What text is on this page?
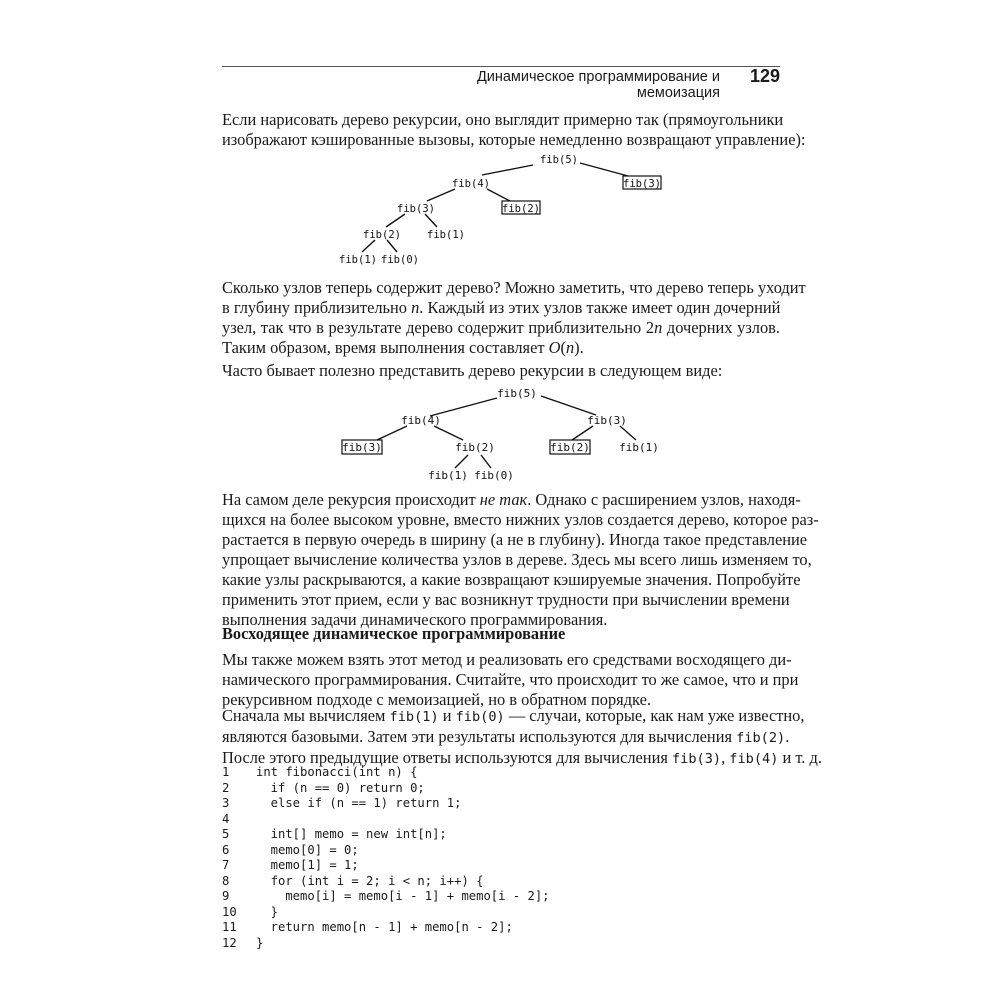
Динамическое программирование и мемоизация
129
Если нарисовать дерево рекурсии, оно выглядит примерно так (прямоугольники
изображают кэшированные вызовы, которые немедленно возвращают управление):
fib(5)
fib(4)	fib(3)
fib(3)	fib(2)
fib(2) fib(1)
fib(1) fib(0)
fib(5)
fib(4)	fib(3)
fib(3)	fib(2)	fib(2)	fib(1)
fib(1) fib(0)
Сколько узлов теперь содержит дерево? Можно заметить, что дерево теперь уходит
в глубину приблизительно n. Каждый из этих узлов также имеет один дочерний
узел, так что в результате дерево содержит приблизительно 2n дочерних узлов.
Таким образом, время выполнения составляет O(n).
Часто бывает полезно представить дерево рекурсии в следующем виде:
На самом деле рекурсия происходит не так. Однако с расширением узлов, находя-
щихся на более высоком уровне, вместо нижних узлов создается дерево, которое раз-
растается в первую очередь в ширину (а не в глубину). Иногда такое представление
упрощает вычисление количества узлов в дереве. Здесь мы всего лишь изменяем то,
какие узлы раскрываются, а какие возвращают кэшируемые значения. Попробуйте
применить этот прием, если у вас возникнут трудности при вычислении времени
выполнения задачи динамического программирования.
Восходящее динамическое программирование
Мы также можем взять этот метод и реализовать его средствами восходящего ди-
намического программирования. Считайте, что происходит то же самое, что и при
рекурсивном подходе с мемоизацией, но в обратном порядке.
Сначала мы вычисляем fib(1) и fib(0) — случаи, которые, как нам уже известно,
являются базовыми. Затем эти результаты используются для вычисления fib(2).
После этого предыдущие ответы используются для вычисления fib(3), fib(4) и т. д.
1 int fibonacci(int n) {
2  if (n == 0) return 0;
3  else if (n == 1) return 1;
4
5  int[] memo = new int[n];
6  memo[0] = 0;
7  memo[1] = 1;
8  for (int i = 2; i < n; i++) {
9    memo[i] = memo[i - 1] + memo[i - 2];
10  }
11  return memo[n - 1] + memo[n - 2];
12 }
